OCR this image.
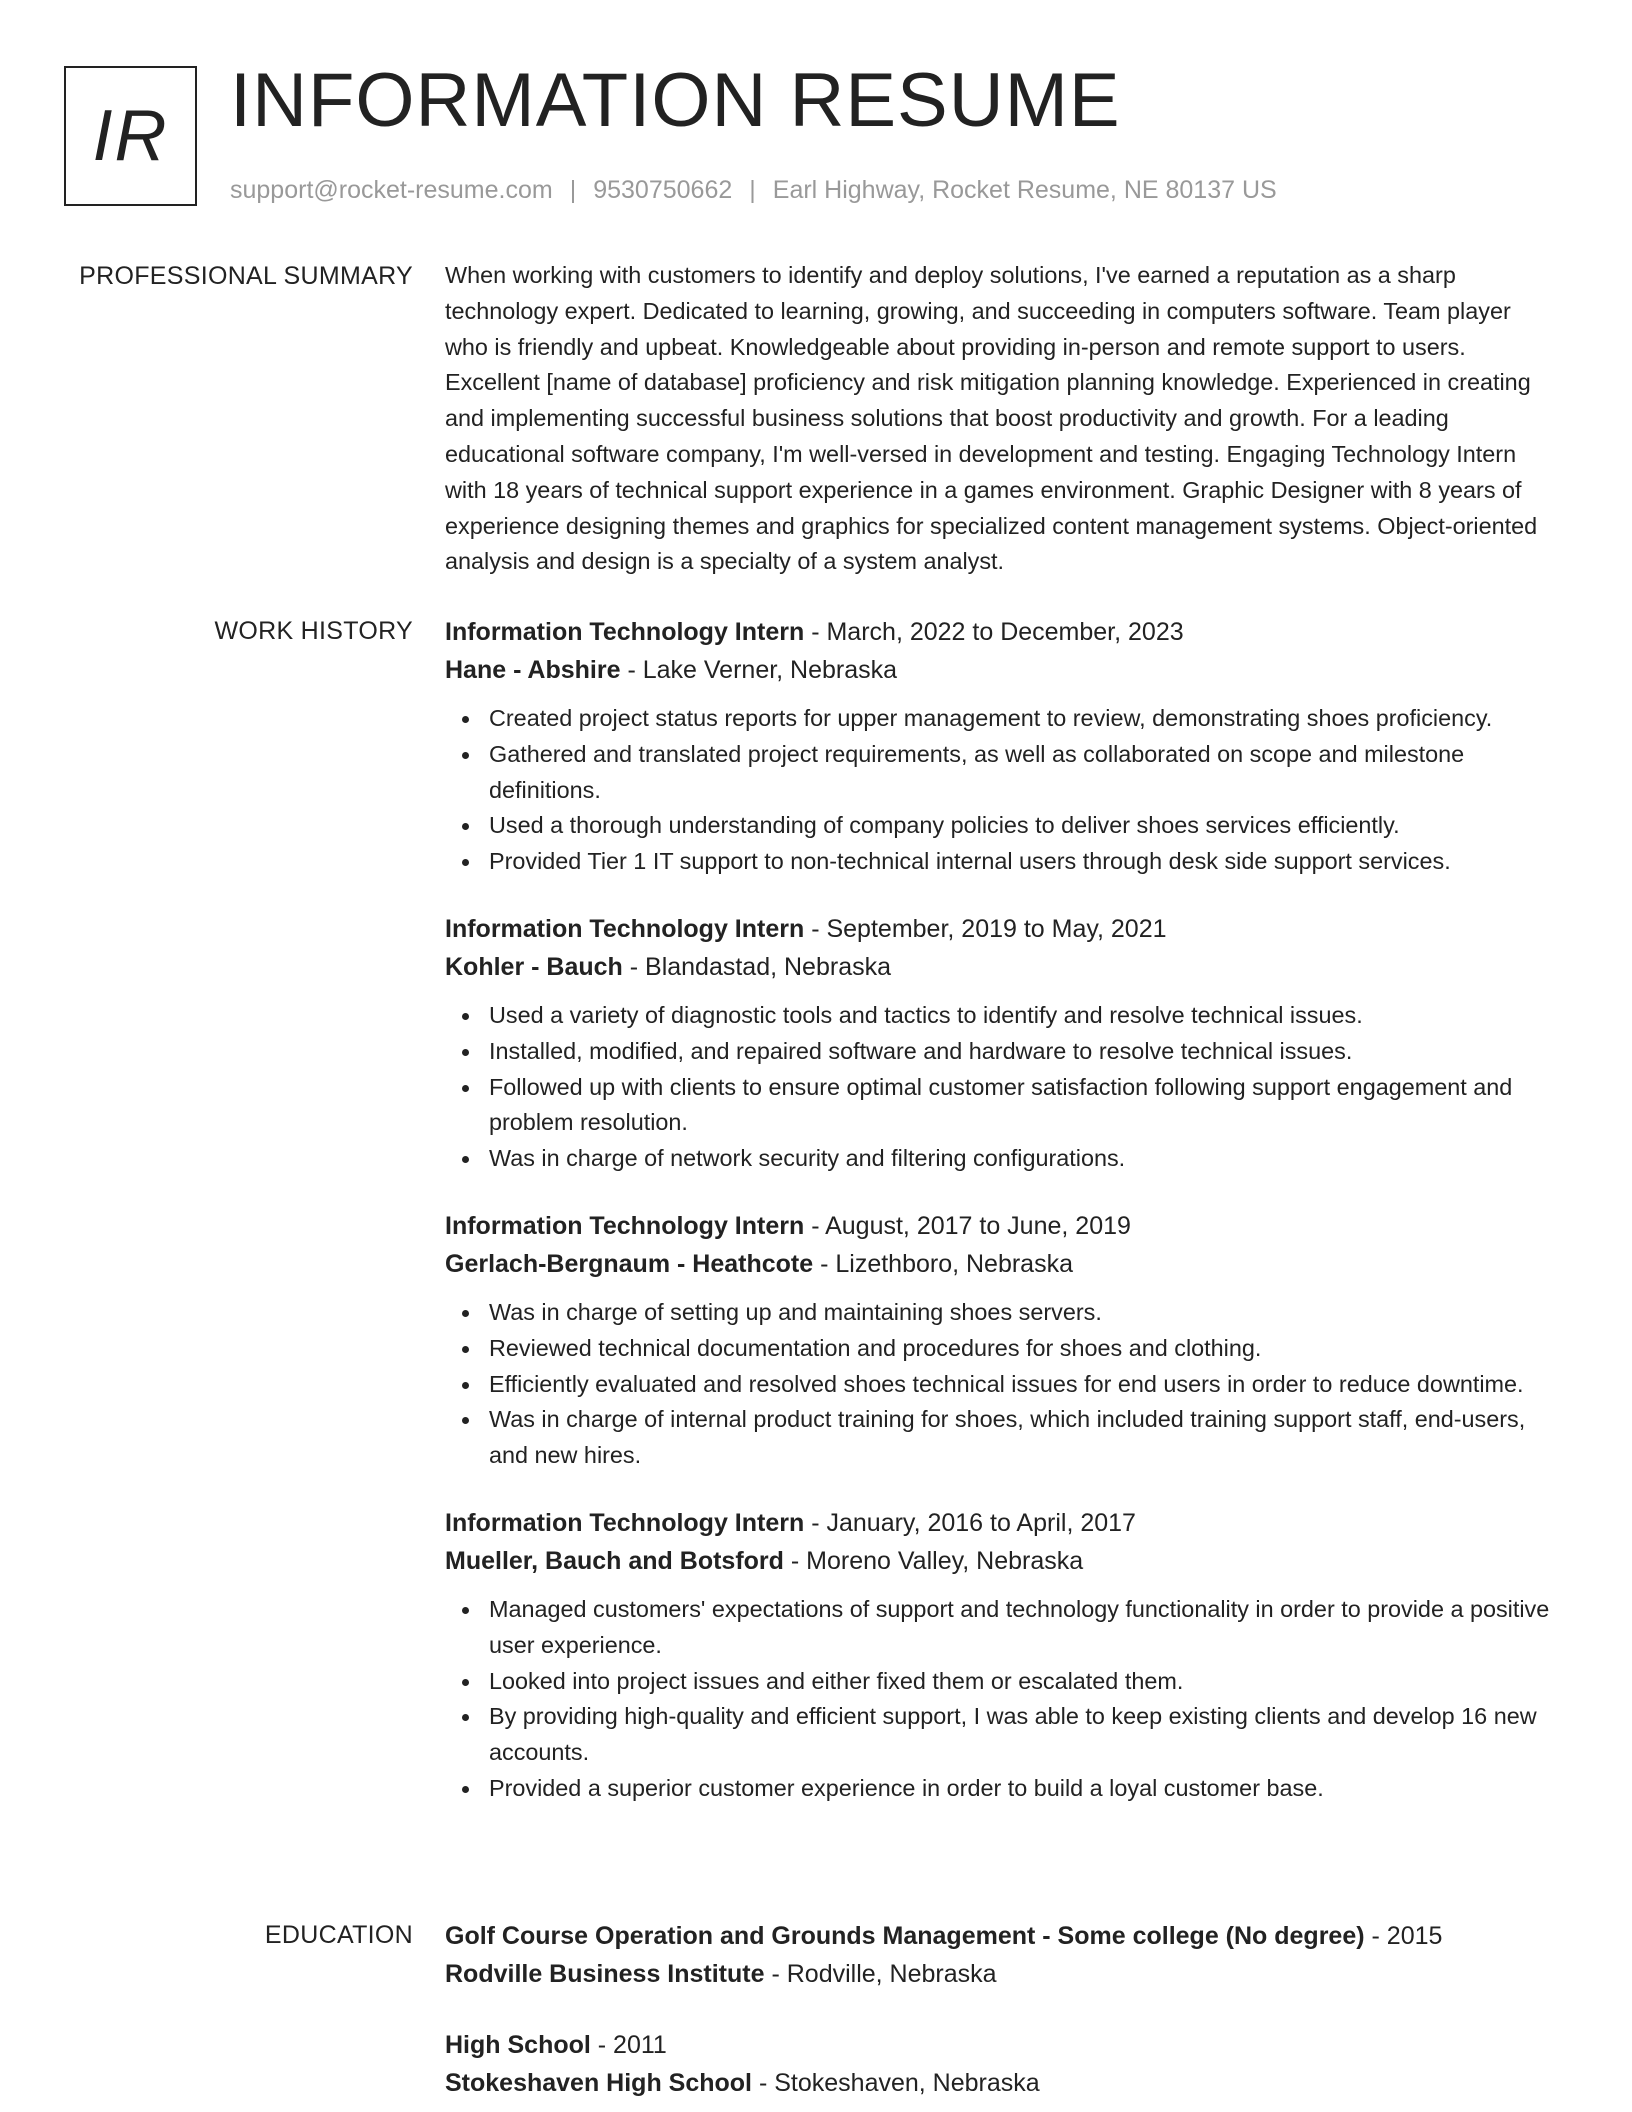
IR INFORMATION RESUME
support@rocket-resume.com | 9530750662 | Earl Highway, Rocket Resume, NE 80137 US
PROFESSIONAL SUMMARY When working with customers to identify and deploy solutions, I've earned a reputation as a sharp technology expert. Dedicated to learning, growing, and succeeding in computers software. Team player who is friendly and upbeat. Knowledgeable about providing in-person and remote support to users. Excellent [name of database] proficiency and risk mitigation planning knowledge. Experienced in creating and implementing successful business solutions that boost productivity and growth. For a leading educational software company, I'm well-versed in development and testing. Engaging Technology Intern with 18 years of technical support experience in a games environment. Graphic Designer with 8 years of experience designing themes and graphics for specialized content management systems. Object-oriented analysis and design is a specialty of a system analyst.
WORK HISTORY Information Technology Intern - March, 2022 to December, 2023
Hane - Abshire - Lake Verner, Nebraska
Created project status reports for upper management to review, demonstrating shoes proficiency.
Gathered and translated project requirements, as well as collaborated on scope and milestone definitions.
Used a thorough understanding of company policies to deliver shoes services efficiently.
Provided Tier 1 IT support to non-technical internal users through desk side support services.
Information Technology Intern - September, 2019 to May, 2021
Kohler - Bauch - Blandastad, Nebraska
Used a variety of diagnostic tools and tactics to identify and resolve technical issues.
Installed, modified, and repaired software and hardware to resolve technical issues.
Followed up with clients to ensure optimal customer satisfaction following support engagement and problem resolution.
Was in charge of network security and filtering configurations.
Information Technology Intern - August, 2017 to June, 2019
Gerlach-Bergnaum - Heathcote - Lizethboro, Nebraska
Was in charge of setting up and maintaining shoes servers.
Reviewed technical documentation and procedures for shoes and clothing.
Efficiently evaluated and resolved shoes technical issues for end users in order to reduce downtime.
Was in charge of internal product training for shoes, which included training support staff, end-users, and new hires.
Information Technology Intern - January, 2016 to April, 2017
Mueller, Bauch and Botsford - Moreno Valley, Nebraska
Managed customers' expectations of support and technology functionality in order to provide a positive user experience.
Looked into project issues and either fixed them or escalated them.
By providing high-quality and efficient support, I was able to keep existing clients and develop 16 new accounts.
Provided a superior customer experience in order to build a loyal customer base.
EDUCATION Golf Course Operation and Grounds Management - Some college (No degree) - 2015
Rodville Business Institute - Rodville, Nebraska
High School - 2011
Stokeshaven High School - Stokeshaven, Nebraska
